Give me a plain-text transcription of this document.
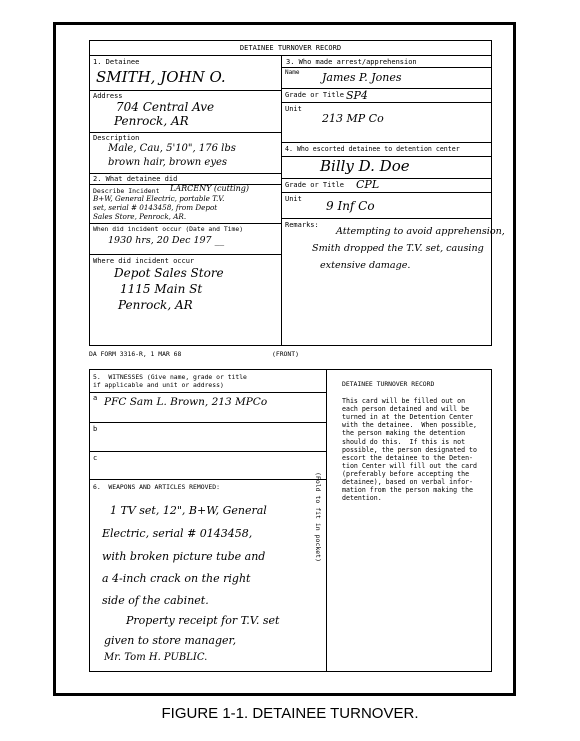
DETAINEE TURNOVER RECORD
1. Detainee
SMITH, JOHN O.
Address
704 Central Ave
Penrock, AR
Description
Male, Cau, 5'10", 176 lbs
brown hair, brown eyes
2. What detainee did
Describe Incident LARCENY (cutting)
B+W, General Electric, portable T.V.
set, serial # 0143458, from Depot
Sales Store, Penrock, AR.
When did incident occur (Date and Time)
1930 hrs, 20 Dec 197 __
Where did incident occur
Depot Sales Store
1115 Main St
Penrock, AR
3. Who made arrest/apprehension
Name James P. Jones
Grade or Title SP4
Unit
213 MP Co
4. Who escorted detainee to detention center
Billy D. Doe
Grade or Title CPL
Unit 9 Inf Co
Remarks:
Attempting to avoid apprehension,
Smith dropped the T.V. set, causing
extensive damage.
DA FORM 3316-R, 1 MAR 68	(FRONT)
5.  WITNESSES (Give name, grade or title
if applicable and unit or address)
a PFC Sam L. Brown, 213 MPCo
b
c
6.  WEAPONS AND ARTICLES REMOVED:
1 TV set, 12", B+W, General
Electric, serial # 0143458,
with broken picture tube and
a 4-inch crack on the right
side of the cabinet.
Property receipt for T.V. set
given to store manager,
Mr. Tom H. PUBLIC.
(Fold to fit in pocket)
DETAINEE TURNOVER RECORD
This card will be filled out on
each person detained and will be
turned in at the Detention Center
with the detainee.  When possible,
the person making the detention
should do this.  If this is not
possible, the person designated to
escort the detainee to the Deten-
tion Center will fill out the card
(preferably before accepting the
detainee), based on verbal infor-
mation from the person making the
detention.
FIGURE 1-1. DETAINEE TURNOVER.
